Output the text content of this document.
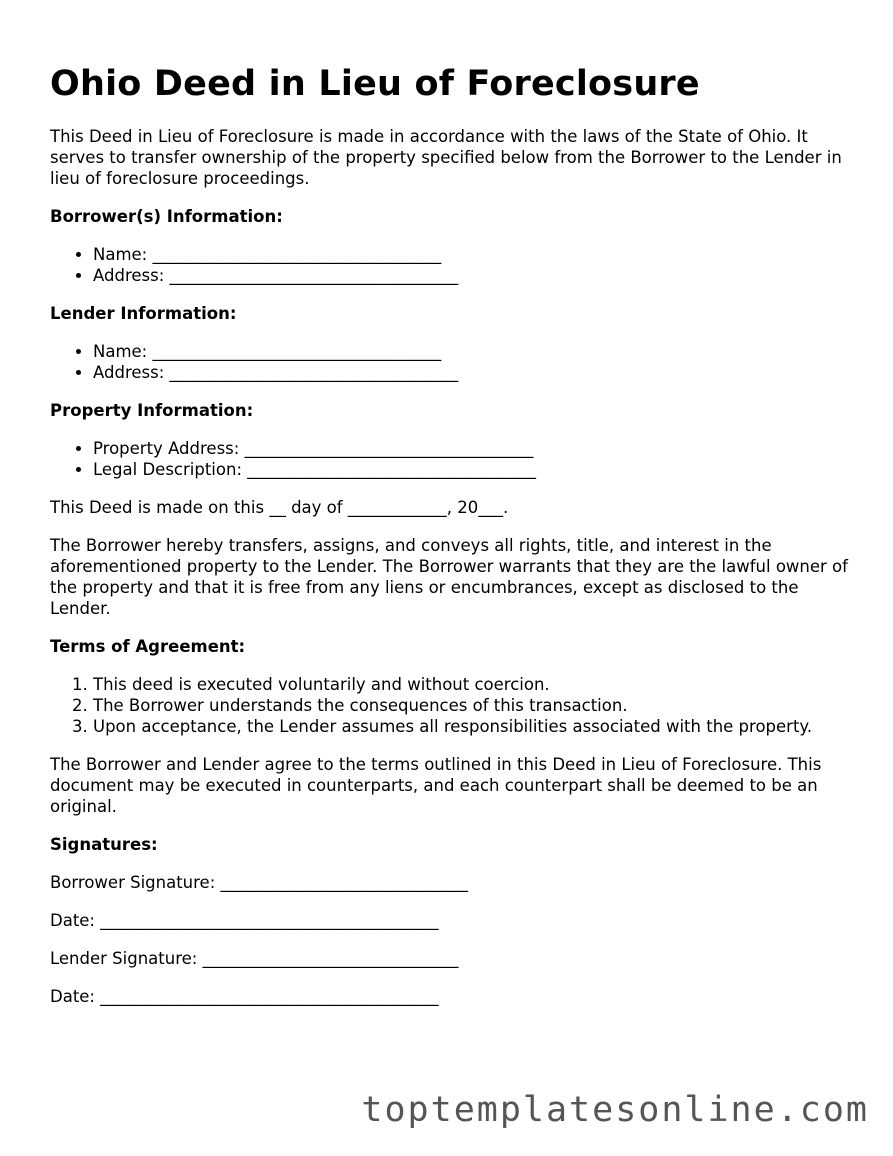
Ohio Deed in Lieu of Foreclosure

This Deed in Lieu of Foreclosure is made in accordance with the laws of the State of Ohio. It serves to transfer ownership of the property specified below from the Borrower to the Lender in lieu of foreclosure proceedings.

Borrower(s) Information:
• Name: ___________________________________
• Address: ___________________________________
Lender Information:
• Name: ___________________________________
• Address: ___________________________________
Property Information:
• Property Address: ___________________________________
• Legal Description: ___________________________________

This Deed is made on this __ day of ____________, 20___.

The Borrower hereby transfers, assigns, and conveys all rights, title, and interest in the aforementioned property to the Lender. The Borrower warrants that they are the lawful owner of the property and that it is free from any liens or encumbrances, except as disclosed to the Lender.

Terms of Agreement:
1. This deed is executed voluntarily and without coercion.
2. The Borrower understands the consequences of this transaction.
3. Upon acceptance, the Lender assumes all responsibilities associated with the property.

The Borrower and Lender agree to the terms outlined in this Deed in Lieu of Foreclosure. This document may be executed in counterparts, and each counterpart shall be deemed to be an original.

Signatures:
Borrower Signature: ______________________________
Date: _________________________________________
Lender Signature: _______________________________
Date: _________________________________________
toptemplatesonline.com
